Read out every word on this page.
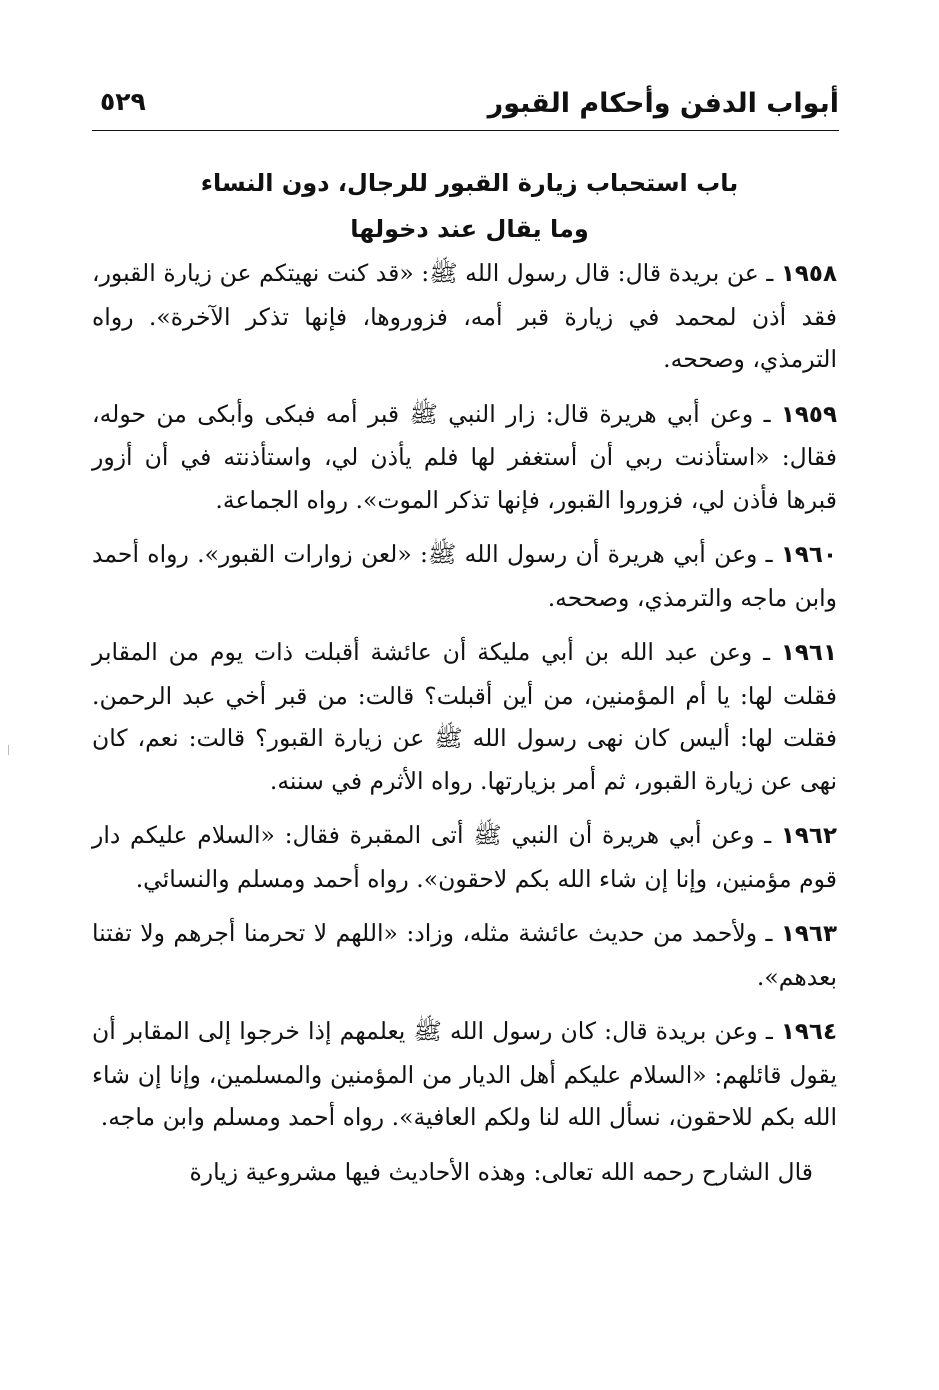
أبواب الدفن وأحكام القبور
٥٢٩
باب استحباب زيارة القبور للرجال، دون النساء
وما يقال عند دخولها

١٩٥٨ ـ عن بريدة قال: قال رسول الله ﷺ: «قد كنت نهيتكم عن زيارة القبور، فقد أذن لمحمد في زيارة قبر أمه، فزوروها، فإنها تذكر الآخرة». رواه الترمذي، وصححه.

١٩٥٩ ـ وعن أبي هريرة قال: زار النبي ﷺ قبر أمه فبكى وأبكى من حوله، فقال: «استأذنت ربي أن أستغفر لها فلم يأذن لي، واستأذنته في أن أزور قبرها فأذن لي، فزوروا القبور، فإنها تذكر الموت». رواه الجماعة.

١٩٦٠ ـ وعن أبي هريرة أن رسول الله ﷺ: «لعن زوارات القبور». رواه أحمد وابن ماجه والترمذي، وصححه.

١٩٦١ ـ وعن عبد الله بن أبي مليكة أن عائشة أقبلت ذات يوم من المقابر فقلت لها: يا أم المؤمنين، من أين أقبلت؟ قالت: من قبر أخي عبد الرحمن. فقلت لها: أليس كان نهى رسول الله ﷺ عن زيارة القبور؟ قالت: نعم، كان نهى عن زيارة القبور، ثم أمر بزيارتها. رواه الأثرم في سننه.

١٩٦٢ ـ وعن أبي هريرة أن النبي ﷺ أتى المقبرة فقال: «السلام عليكم دار قوم مؤمنين، وإنا إن شاء الله بكم لاحقون». رواه أحمد ومسلم والنسائي.

١٩٦٣ ـ ولأحمد من حديث عائشة مثله، وزاد: «اللهم لا تحرمنا أجرهم ولا تفتنا بعدهم».

١٩٦٤ ـ وعن بريدة قال: كان رسول الله ﷺ يعلمهم إذا خرجوا إلى المقابر أن يقول قائلهم: «السلام عليكم أهل الديار من المؤمنين والمسلمين، وإنا إن شاء الله بكم للاحقون، نسأل الله لنا ولكم العافية». رواه أحمد ومسلم وابن ماجه.

قال الشارح رحمه الله تعالى: وهذه الأحاديث فيها مشروعية زيارة
